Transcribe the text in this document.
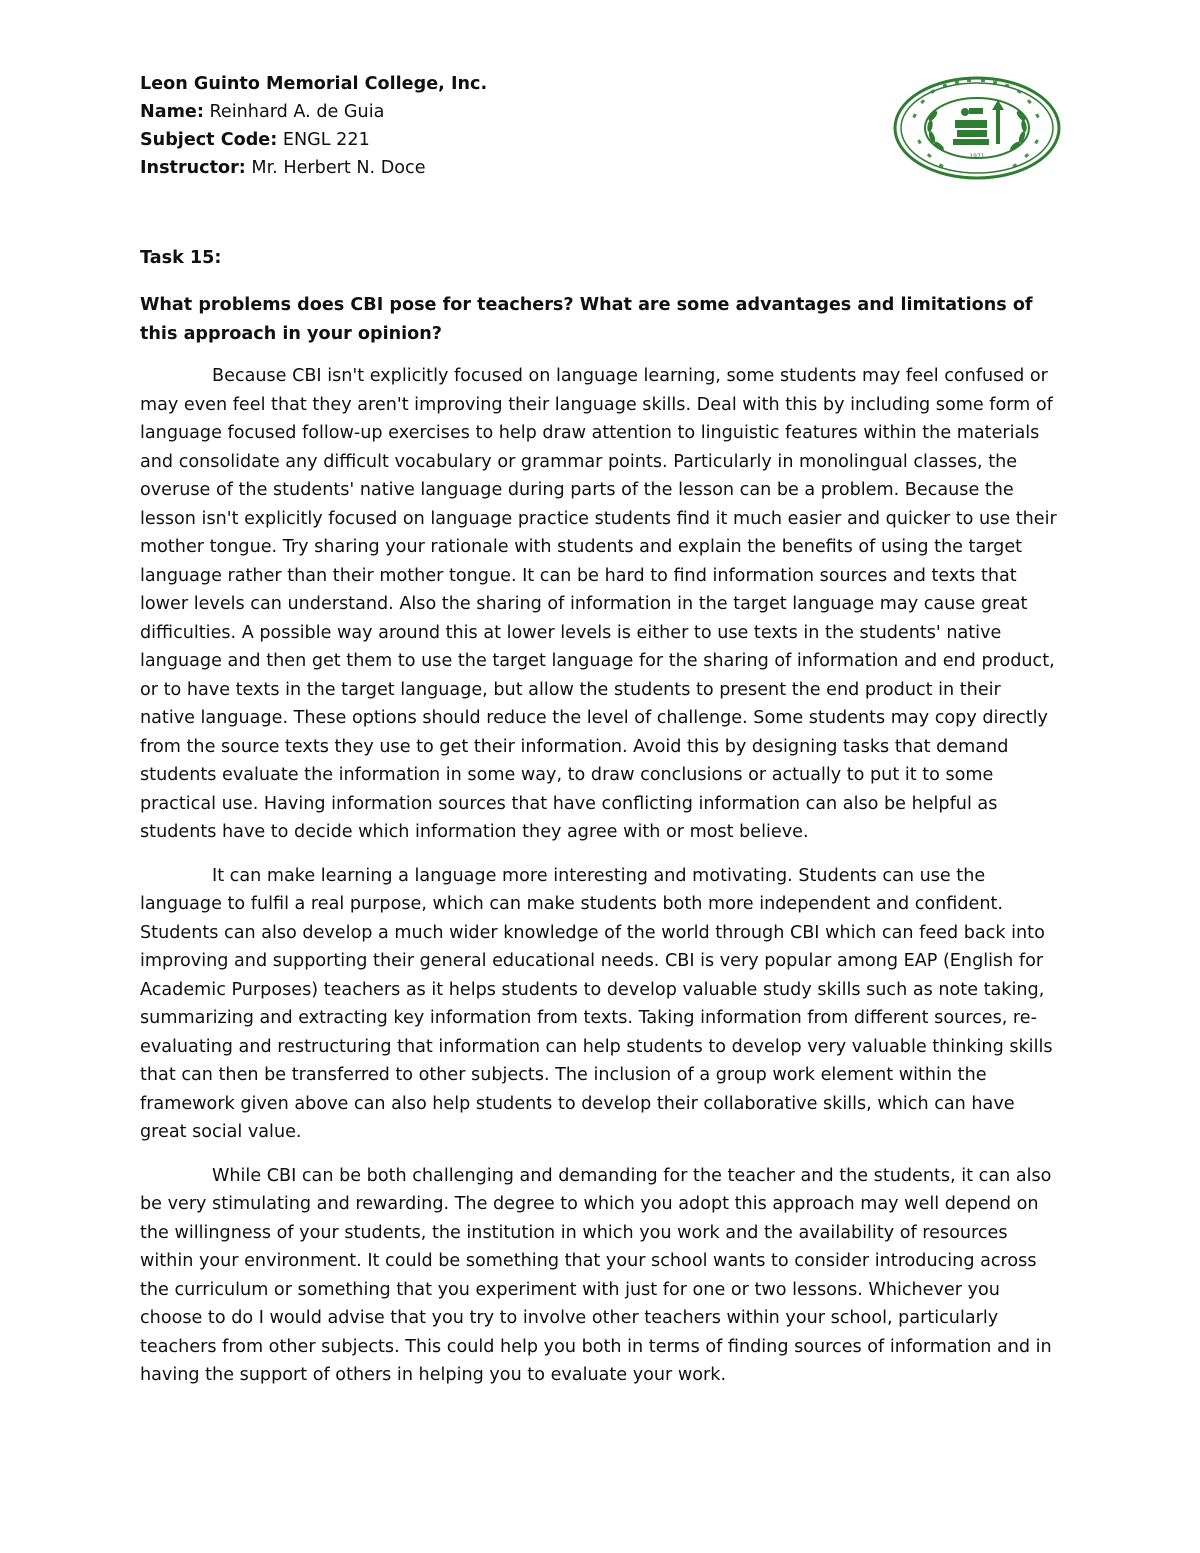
Leon Guinto Memorial College, Inc.
Name: Reinhard A. de Guia
Subject Code: ENGL 221
Instructor: Mr. Herbert N. Doce
1971
Task 15:
What problems does CBI pose for teachers? What are some advantages and limitations of this approach in your opinion?

Because CBI isn't explicitly focused on language learning, some students may feel confused or may even feel that they aren't improving their language skills. Deal with this by including some form of language focused follow-up exercises to help draw attention to linguistic features within the materials and consolidate any difficult vocabulary or grammar points. Particularly in monolingual classes, the overuse of the students' native language during parts of the lesson can be a problem. Because the lesson isn't explicitly focused on language practice students find it much easier and quicker to use their mother tongue. Try sharing your rationale with students and explain the benefits of using the target language rather than their mother tongue. It can be hard to find information sources and texts that lower levels can understand. Also the sharing of information in the target language may cause great difficulties. A possible way around this at lower levels is either to use texts in the students' native language and then get them to use the target language for the sharing of information and end product, or to have texts in the target language, but allow the students to present the end product in their native language. These options should reduce the level of challenge. Some students may copy directly from the source texts they use to get their information. Avoid this by designing tasks that demand students evaluate the information in some way, to draw conclusions or actually to put it to some practical use. Having information sources that have conflicting information can also be helpful as students have to decide which information they agree with or most believe.

It can make learning a language more interesting and motivating. Students can use the language to fulfil a real purpose, which can make students both more independent and confident. Students can also develop a much wider knowledge of the world through CBI which can feed back into improving and supporting their general educational needs. CBI is very popular among EAP (English for Academic Purposes) teachers as it helps students to develop valuable study skills such as note taking, summarizing and extracting key information from texts. Taking information from different sources, re-evaluating and restructuring that information can help students to develop very valuable thinking skills that can then be transferred to other subjects. The inclusion of a group work element within the framework given above can also help students to develop their collaborative skills, which can have great social value.

While CBI can be both challenging and demanding for the teacher and the students, it can also be very stimulating and rewarding. The degree to which you adopt this approach may well depend on the willingness of your students, the institution in which you work and the availability of resources within your environment. It could be something that your school wants to consider introducing across the curriculum or something that you experiment with just for one or two lessons. Whichever you choose to do I would advise that you try to involve other teachers within your school, particularly teachers from other subjects. This could help you both in terms of finding sources of information and in having the support of others in helping you to evaluate your work.
